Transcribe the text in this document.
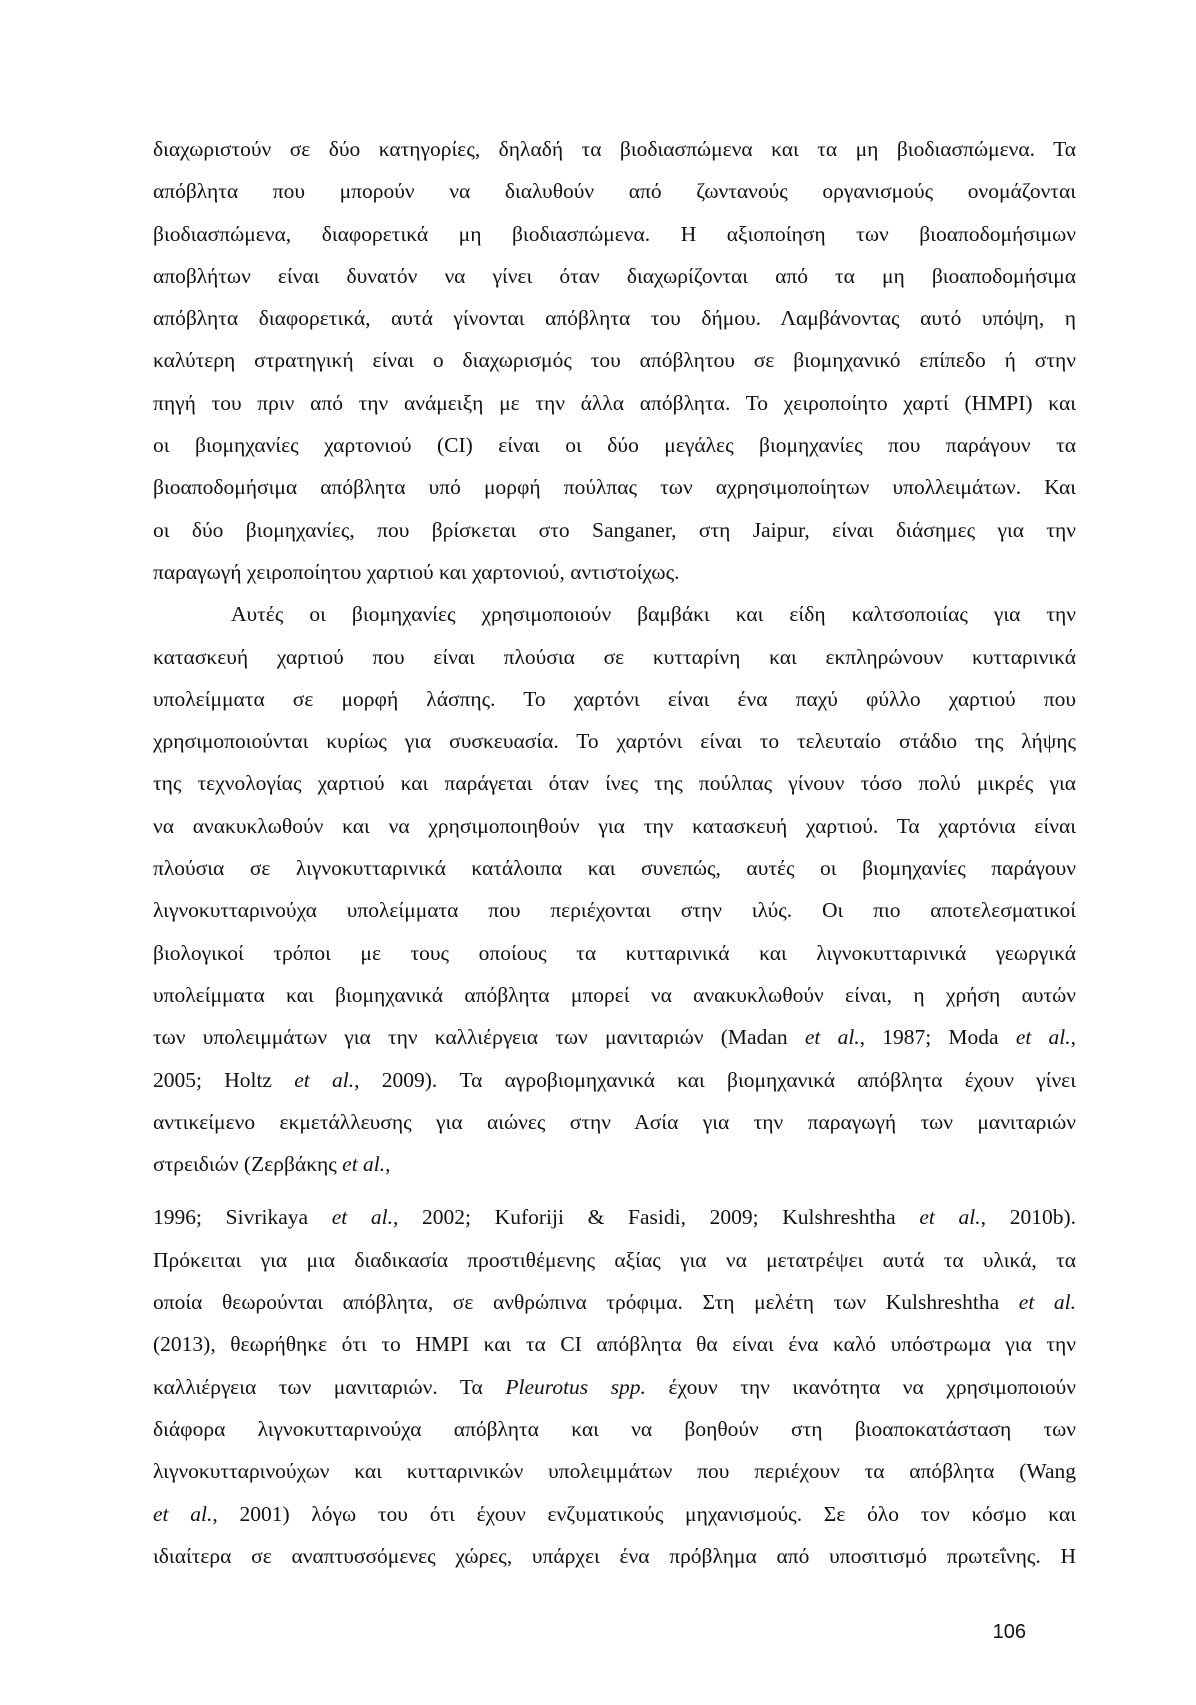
διαχωριστούν σε δύο κατηγορίες, δηλαδή τα βιοδιασπώμενα και τα μη βιοδιασπώμενα. Τα
απόβλητα που μπορούν να διαλυθούν από ζωντανούς οργανισμούς ονομάζονται
βιοδιασπώμενα, διαφορετικά μη βιοδιασπώμενα. Η αξιοποίηση των βιοαποδομήσιμων
αποβλήτων είναι δυνατόν να γίνει όταν διαχωρίζονται από τα μη βιοαποδομήσιμα
απόβλητα διαφορετικά, αυτά γίνονται απόβλητα του δήμου. Λαμβάνοντας αυτό υπόψη, η
καλύτερη στρατηγική είναι ο διαχωρισμός του απόβλητου σε βιομηχανικό επίπεδο ή στην
πηγή του πριν από την ανάμειξη με την άλλα απόβλητα. Το χειροποίητο χαρτί (HMPI) και
οι βιομηχανίες χαρτονιού (CI) είναι οι δύο μεγάλες βιομηχανίες που παράγουν τα
βιοαποδομήσιμα απόβλητα υπό μορφή πούλπας των αχρησιμοποίητων υπολλειμάτων. Και
οι δύο βιομηχανίες, που βρίσκεται στο Sanganer, στη Jaipur, είναι διάσημες για την
παραγωγή χειροποίητου χαρτιού και χαρτονιού, αντιστοίχως.
Αυτές οι βιομηχανίες χρησιμοποιούν βαμβάκι και είδη καλτσοποιίας για την
κατασκευή χαρτιού που είναι πλούσια σε κυτταρίνη και εκπληρώνουν κυτταρινικά
υπολείμματα σε μορφή λάσπης. Το χαρτόνι είναι ένα παχύ φύλλο χαρτιού που
χρησιμοποιούνται κυρίως για συσκευασία. Το χαρτόνι είναι το τελευταίο στάδιο της λήψης
της τεχνολογίας χαρτιού και παράγεται όταν ίνες της πούλπας γίνουν τόσο πολύ μικρές για
να ανακυκλωθούν και να χρησιμοποιηθούν για την κατασκευή χαρτιού. Τα χαρτόνια είναι
πλούσια σε λιγνοκυτταρινικά κατάλοιπα και συνεπώς, αυτές οι βιομηχανίες παράγουν
λιγνοκυτταρινούχα υπολείμματα που περιέχονται στην ιλύς. Οι πιο αποτελεσματικοί
βιολογικοί τρόποι με τους οποίους τα κυτταρινικά και λιγνοκυτταρινικά γεωργικά
υπολείμματα και βιομηχανικά απόβλητα μπορεί να ανακυκλωθούν είναι, η χρήση αυτών
των υπολειμμάτων για την καλλιέργεια των μανιταριών (Madan et al., 1987; Moda et al.,
2005; Holtz et al., 2009). Τα αγροβιομηχανικά και βιομηχανικά απόβλητα έχουν γίνει
αντικείμενο εκμετάλλευσης για αιώνες στην Ασία για την παραγωγή των μανιταριών
στρειδιών (Ζερβάκης et al.,
1996; Sivrikaya et al., 2002; Kuforiji & Fasidi, 2009; Kulshreshtha et al., 2010b).
Πρόκειται για μια διαδικασία προστιθέμενης αξίας για να μετατρέψει αυτά τα υλικά, τα
οποία θεωρούνται απόβλητα, σε ανθρώπινα τρόφιμα. Στη μελέτη των Kulshreshtha et al.
(2013), θεωρήθηκε ότι το HMPI και τα CI απόβλητα θα είναι ένα καλό υπόστρωμα για την
καλλιέργεια των μανιταριών. Τα Pleurotus spp. έχουν την ικανότητα να χρησιμοποιούν
διάφορα λιγνοκυτταρινούχα απόβλητα και να βοηθούν στη βιοαποκατάσταση των
λιγνοκυτταρινούχων και κυτταρινικών υπολειμμάτων που περιέχουν τα απόβλητα (Wang
et al., 2001) λόγω του ότι έχουν ενζυματικούς μηχανισμούς. Σε όλο τον κόσμο και
ιδιαίτερα σε αναπτυσσόμενες χώρες, υπάρχει ένα πρόβλημα από υποσιτισμό πρωτεΐνης. Η
106
